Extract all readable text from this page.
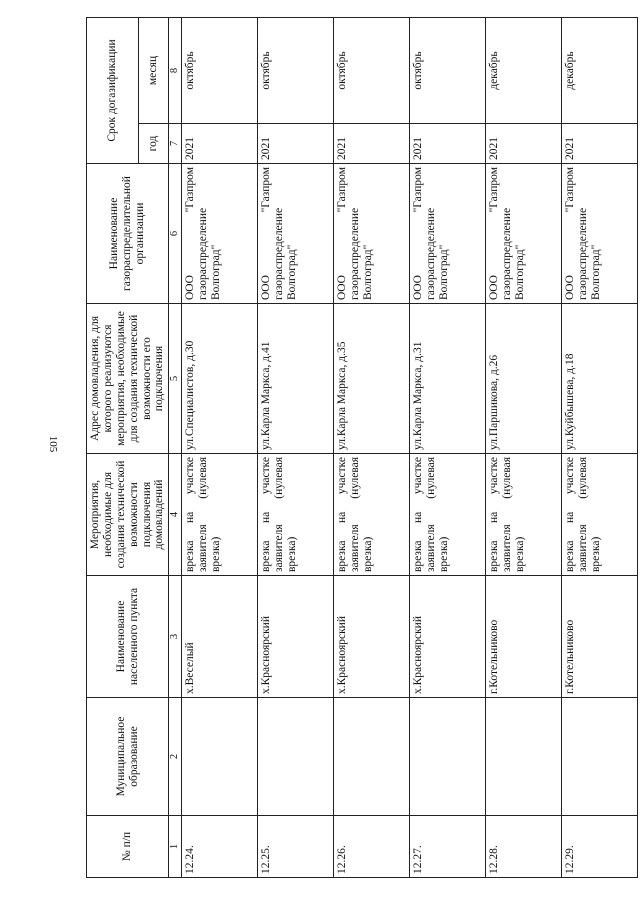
105
№ п/п	Муниципальное образование	Наименование населенного пункта	Мероприятия, необходимые для создания технической возможности подключения домовладений	Адрес домовладения, для которого реализуются мероприятия, необходимые для создания технической возможности его подключения	Наименование газораспределительной организации	Срок догазификации	
						год	месяц
1	2	3	4	5	6	7	8
12.24.		х.Веселый	врезка на участке заявителя (нулевая врезка)	ул.Специалистов, д.30	ООО "Газпром газораспределение Волгоград"	2021	октябрь
12.25.		х.Красноярский	врезка на участке заявителя (нулевая врезка)	ул.Карла Маркса, д.41	ООО "Газпром газораспределение Волгоград"	2021	октябрь
12.26.		х.Красноярский	врезка на участке заявителя (нулевая врезка)	ул.Карла Маркса, д.35	ООО "Газпром газораспределение Волгоград"	2021	октябрь
12.27.		х.Красноярский	врезка на участке заявителя (нулевая врезка)	ул.Карла Маркса, д.31	ООО "Газпром газораспределение Волгоград"	2021	октябрь
12.28.		г.Котельниково	врезка на участке заявителя (нулевая врезка)	ул.Паршикова, д.26	ООО "Газпром газораспределение Волгоград"	2021	декабрь
12.29.		г.Котельниково	врезка на участке заявителя (нулевая врезка)	ул.Куйбышева, д.18	ООО "Газпром газораспределение Волгоград"	2021	декабрь
